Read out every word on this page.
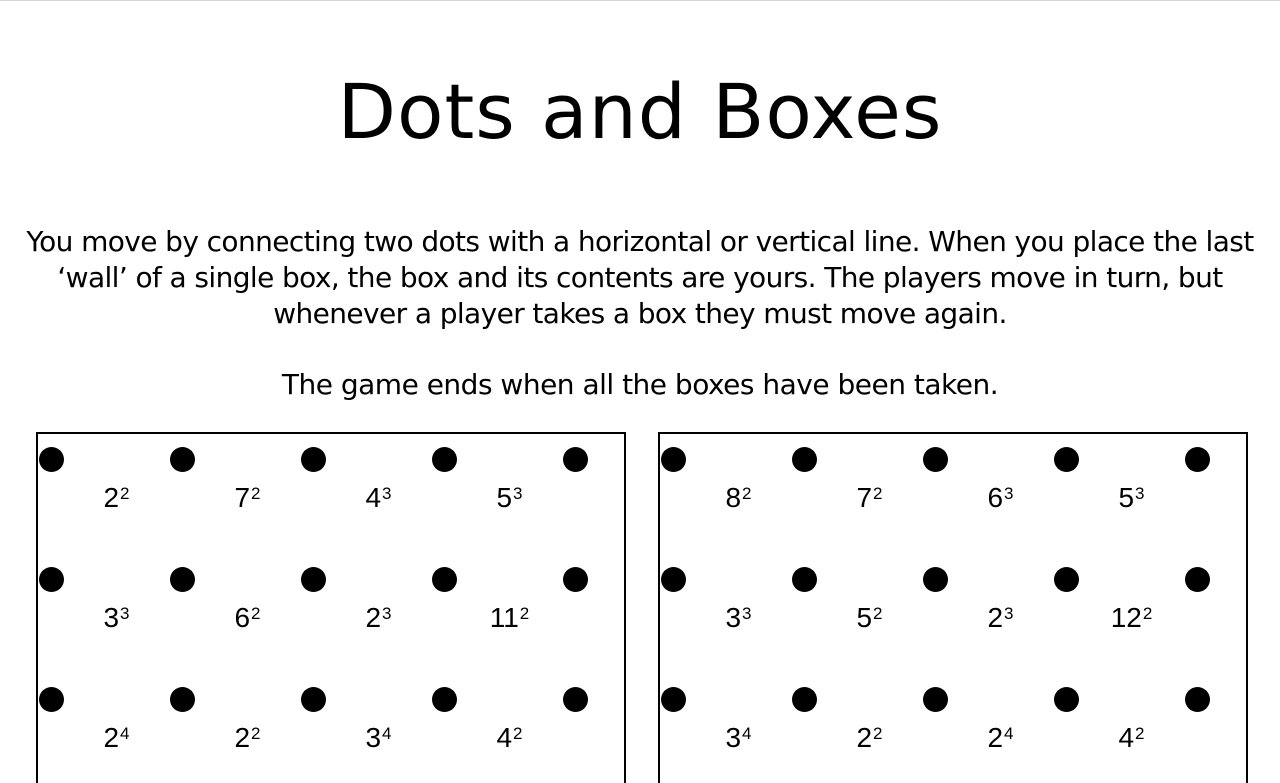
Dots and Boxes
You move by connecting two dots with a horizontal or vertical line. When you place the last ‘wall’ of a single box, the box and its contents are yours. The players move in turn, but whenever a player takes a box they must move again.
The game ends when all the boxes have been taken.
$2^2$	$7^2$	$4^3$	$5^3$
$3^3$	$6^2$	$2^3$	$11^2$
$2^4$	$2^2$	$3^4$	$4^2$
$8^2$	$7^2$	$6^3$	$5^3$
$3^3$	$5^2$	$2^3$	$12^2$
$3^4$	$2^2$	$2^4$	$4^2$
